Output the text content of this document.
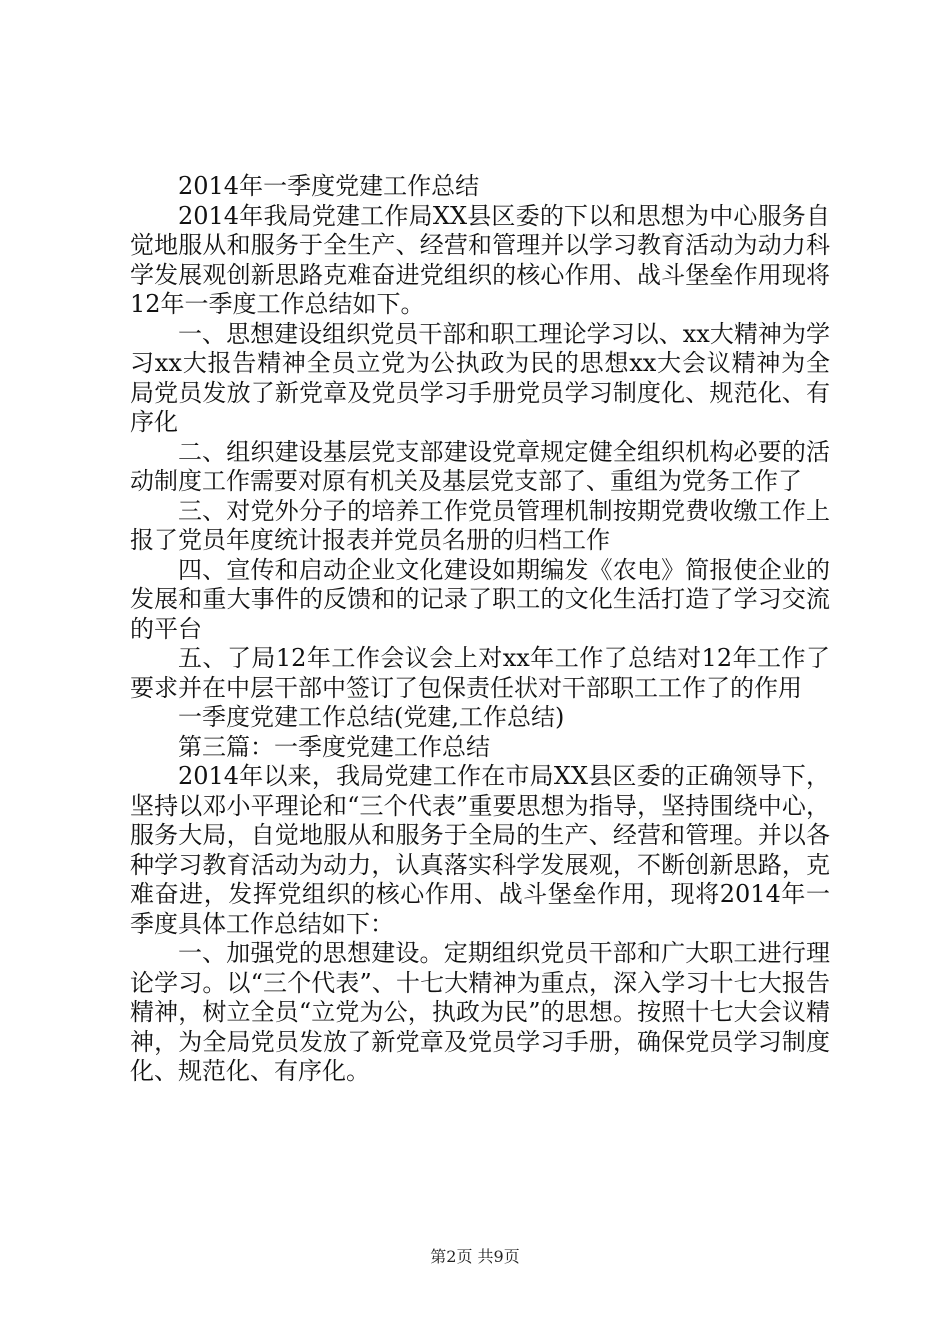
2014年一季度党建工作总结

2014年我局党建工作局XX县区委的下以和思想为中心服务自觉地服从和服务于全生产、经营和管理并以学习教育活动为动力科学发展观创新思路克难奋进党组织的核心作用、战斗堡垒作用现将12年一季度工作总结如下。

一、思想建设组织党员干部和职工理论学习以、xx大精神为学习xx大报告精神全员立党为公执政为民的思想xx大会议精神为全局党员发放了新党章及党员学习手册党员学习制度化、规范化、有序化

二、组织建设基层党支部建设党章规定健全组织机构必要的活动制度工作需要对原有机关及基层党支部了、重组为党务工作了

三、对党外分子的培养工作党员管理机制按期党费收缴工作上报了党员年度统计报表并党员名册的归档工作

四、宣传和启动企业文化建设如期编发《农电》简报使企业的发展和重大事件的反馈和的记录了职工的文化生活打造了学习交流的平台

五、了局12年工作会议会上对xx年工作了总结对12年工作了要求并在中层干部中签订了包保责任状对干部职工工作了的作用

一季度党建工作总结(党建,工作总结)

第三篇：一季度党建工作总结

2014年以来，我局党建工作在市局XX县区委的正确领导下，坚持以邓小平理论和“三个代表”重要思想为指导，坚持围绕中心，服务大局，自觉地服从和服务于全局的生产、经营和管理。并以各种学习教育活动为动力，认真落实科学发展观，不断创新思路，克难奋进，发挥党组织的核心作用、战斗堡垒作用，现将2014年一季度具体工作总结如下：

一、加强党的思想建设。定期组织党员干部和广大职工进行理论学习。以“三个代表”、十七大精神为重点，深入学习十七大报告精神，树立全员“立党为公，执政为民”的思想。按照十七大会议精神，为全局党员发放了新党章及党员学习手册，确保党员学习制度化、规范化、有序化。

第2页 共9页
